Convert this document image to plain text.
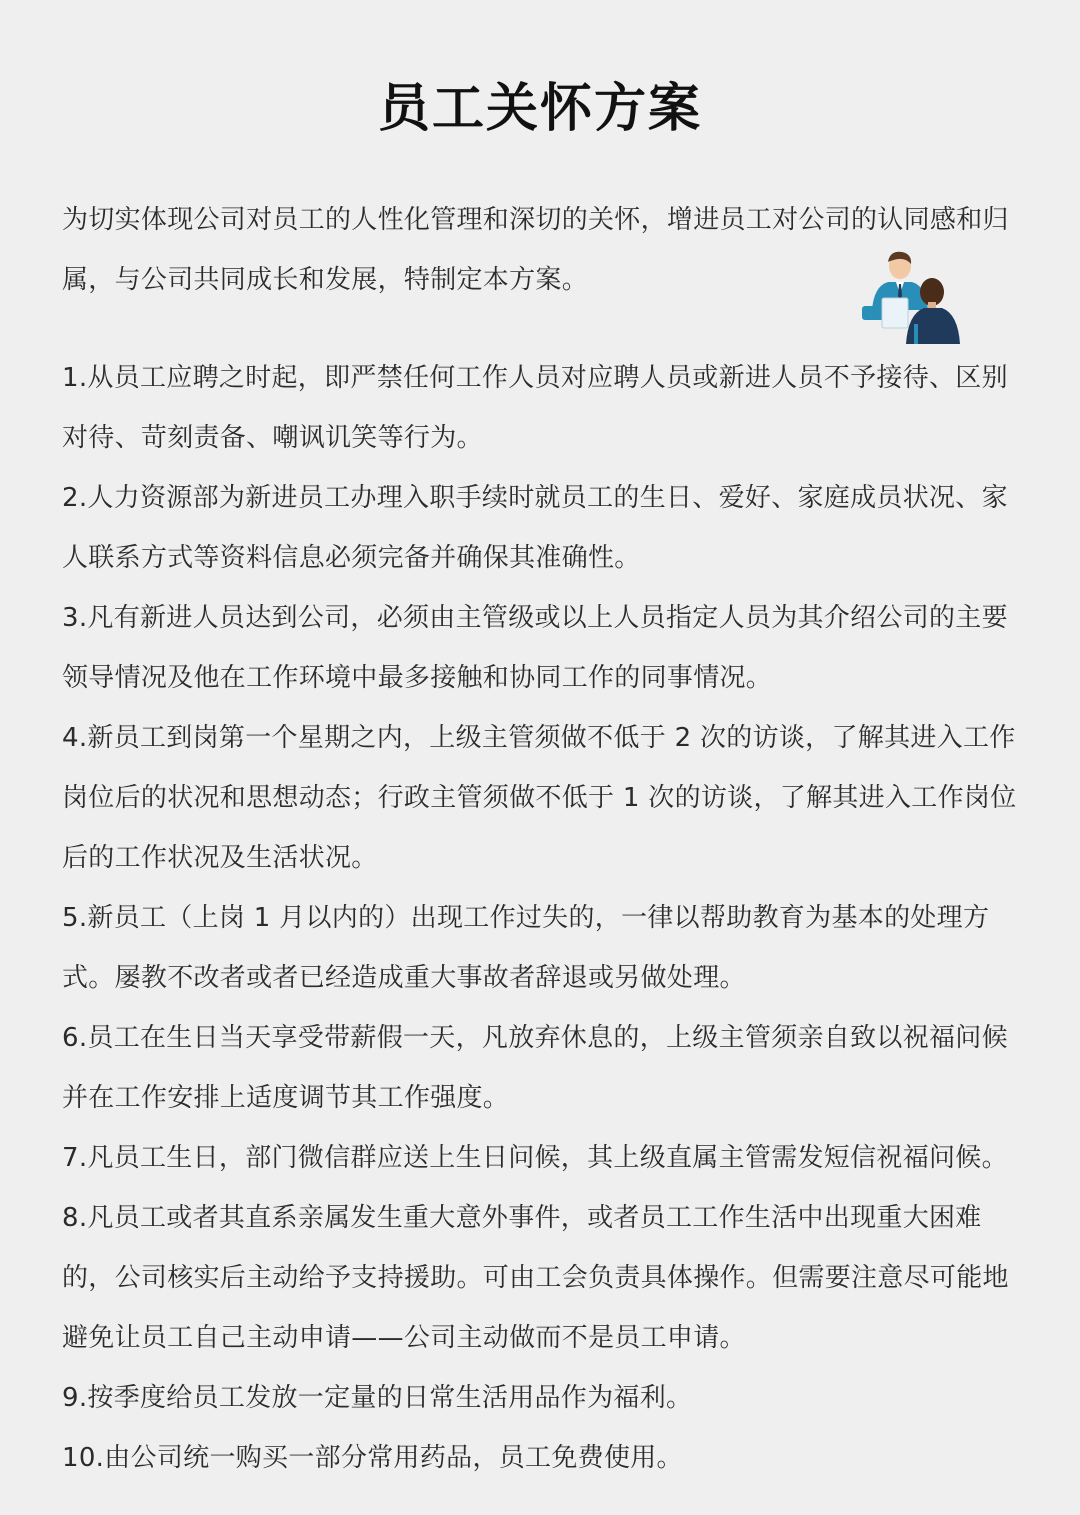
员工关怀方案
为切实体现公司对员工的人性化管理和深切的关怀，增进员工对公司的认同感和归属，与公司共同成长和发展，特制定本方案。
1.从员工应聘之时起，即严禁任何工作人员对应聘人员或新进人员不予接待、区别对待、苛刻责备、嘲讽讥笑等行为。
2.人力资源部为新进员工办理入职手续时就员工的生日、爱好、家庭成员状况、家人联系方式等资料信息必须完备并确保其准确性。
3.凡有新进人员达到公司，必须由主管级或以上人员指定人员为其介绍公司的主要领导情况及他在工作环境中最多接触和协同工作的同事情况。
4.新员工到岗第一个星期之内，上级主管须做不低于 2 次的访谈，了解其进入工作岗位后的状况和思想动态；行政主管须做不低于 1 次的访谈，了解其进入工作岗位后的工作状况及生活状况。
5.新员工（上岗 1 月以内的）出现工作过失的，一律以帮助教育为基本的处理方式。屡教不改者或者已经造成重大事故者辞退或另做处理。
6.员工在生日当天享受带薪假一天，凡放弃休息的，上级主管须亲自致以祝福问候并在工作安排上适度调节其工作强度。
7.凡员工生日，部门微信群应送上生日问候，其上级直属主管需发短信祝福问候。
8.凡员工或者其直系亲属发生重大意外事件，或者员工工作生活中出现重大困难的，公司核实后主动给予支持援助。可由工会负责具体操作。但需要注意尽可能地避免让员工自己主动申请——公司主动做而不是员工申请。
9.按季度给员工发放一定量的日常生活用品作为福利。
10.由公司统一购买一部分常用药品，员工免费使用。
